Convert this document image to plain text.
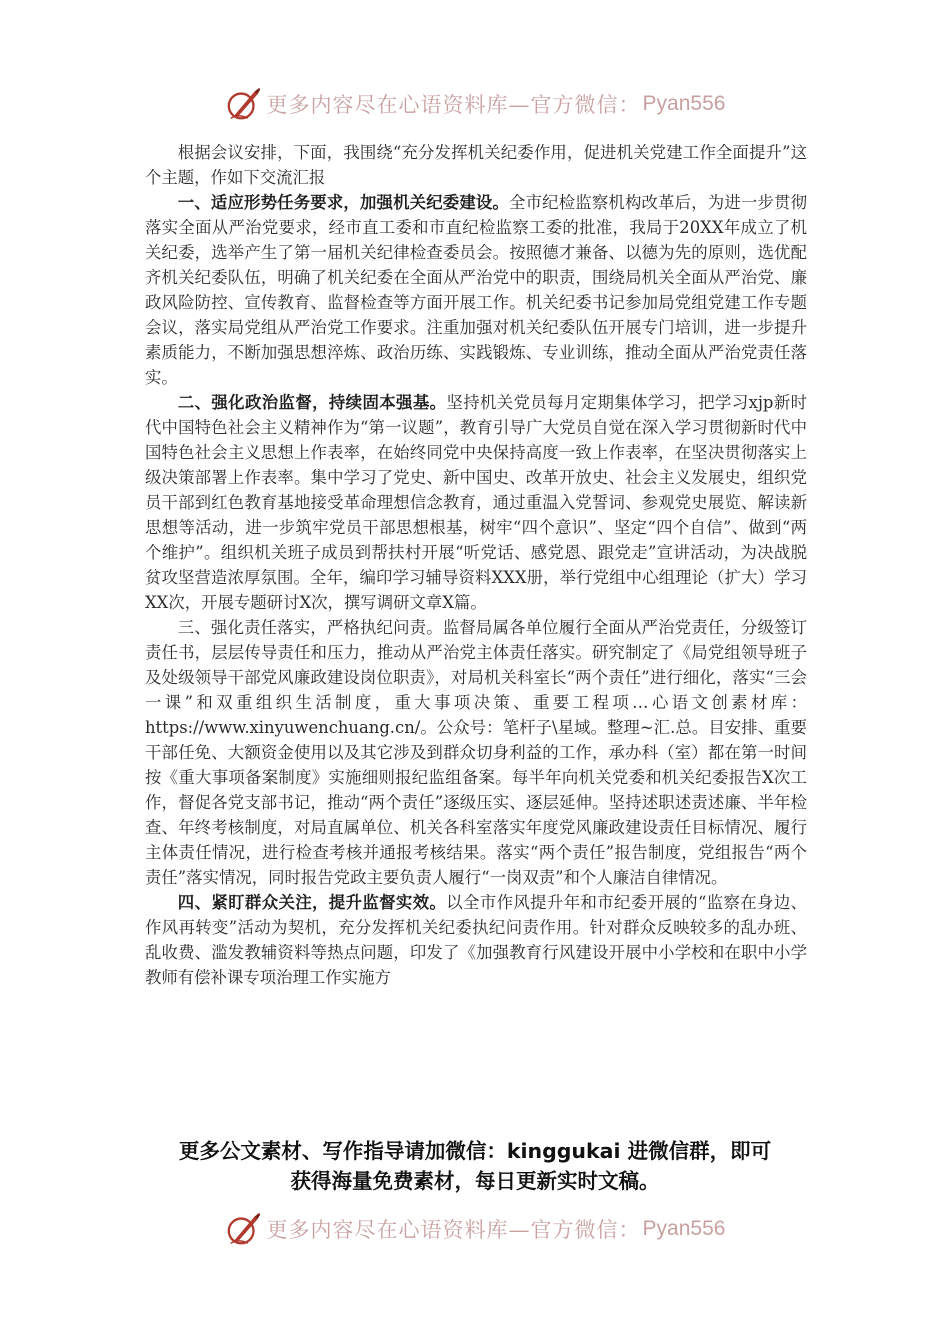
更多内容尽在心语资料库—官方微信： Pyan556

根据会议安排，下面，我围绕“充分发挥机关纪委作用，促进机关党建工作全面提升”这个主题，作如下交流汇报

一、适应形势任务要求，加强机关纪委建设。全市纪检监察机构改革后，为进一步贯彻落实全面从严治党要求，经市直工委和市直纪检监察工委的批准，我局于20XX年成立了机关纪委，选举产生了第一届机关纪律检查委员会。按照德才兼备、以德为先的原则，选优配齐机关纪委队伍，明确了机关纪委在全面从严治党中的职责，围绕局机关全面从严治党、廉政风险防控、宣传教育、监督检查等方面开展工作。机关纪委书记参加局党组党建工作专题会议，落实局党组从严治党工作要求。注重加强对机关纪委队伍开展专门培训，进一步提升素质能力，不断加强思想淬炼、政治历练、实践锻炼、专业训练，推动全面从严治党责任落实。

二、强化政治监督，持续固本强基。坚持机关党员每月定期集体学习，把学习xjp新时代中国特色社会主义精神作为“第一议题”，教育引导广大党员自觉在深入学习贯彻新时代中国特色社会主义思想上作表率，在始终同党中央保持高度一致上作表率，在坚决贯彻落实上级决策部署上作表率。集中学习了党史、新中国史、改革开放史、社会主义发展史，组织党员干部到红色教育基地接受革命理想信念教育，通过重温入党誓词、参观党史展览、解读新思想等活动，进一步筑牢党员干部思想根基，树牢“四个意识”、坚定“四个自信”、做到“两个维护”。组织机关班子成员到帮扶村开展“听党话、感党恩、跟党走”宣讲活动，为决战脱贫攻坚营造浓厚氛围。全年，编印学习辅导资料XXX册，举行党组中心组理论（扩大）学习XX次，开展专题研讨X次，撰写调研文章X篇。

三、强化责任落实，严格执纪问责。监督局属各单位履行全面从严治党责任，分级签订责任书，层层传导责任和压力，推动从严治党主体责任落实。研究制定了《局党组领导班子及处级领导干部党风廉政建设岗位职责》，对局机关科室长“两个责任”进行细化，落实“三会一课”和双重组织生活制度，重大事项决策、重要工程项…心语文创素材库：https://www.xinyuwenchuang.cn/。公众号：笔杆子\星域。整理~汇.总。目安排、重要干部任免、大额资金使用以及其它涉及到群众切身利益的工作，承办科（室）都在第一时间按《重大事项备案制度》实施细则报纪监组备案。每半年向机关党委和机关纪委报告X次工作，督促各党支部书记，推动“两个责任”逐级压实、逐层延伸。坚持述职述责述廉、半年检查、年终考核制度，对局直属单位、机关各科室落实年度党风廉政建设责任目标情况、履行主体责任情况，进行检查考核并通报考核结果。落实“两个责任”报告制度，党组报告“两个责任”落实情况，同时报告党政主要负责人履行“一岗双责”和个人廉洁自律情况。

四、紧盯群众关注，提升监督实效。以全市作风提升年和市纪委开展的“监察在身边、作风再转变”活动为契机，充分发挥机关纪委执纪问责作用。针对群众反映较多的乱办班、乱收费、滥发教辅资料等热点问题，印发了《加强教育行风建设开展中小学校和在职中小学教师有偿补课专项治理工作实施方

更多公文素材、写作指导请加微信：kinggukai 进微信群，即可
获得海量免费素材，每日更新实时文稿。
更多内容尽在心语资料库—官方微信： Pyan556
